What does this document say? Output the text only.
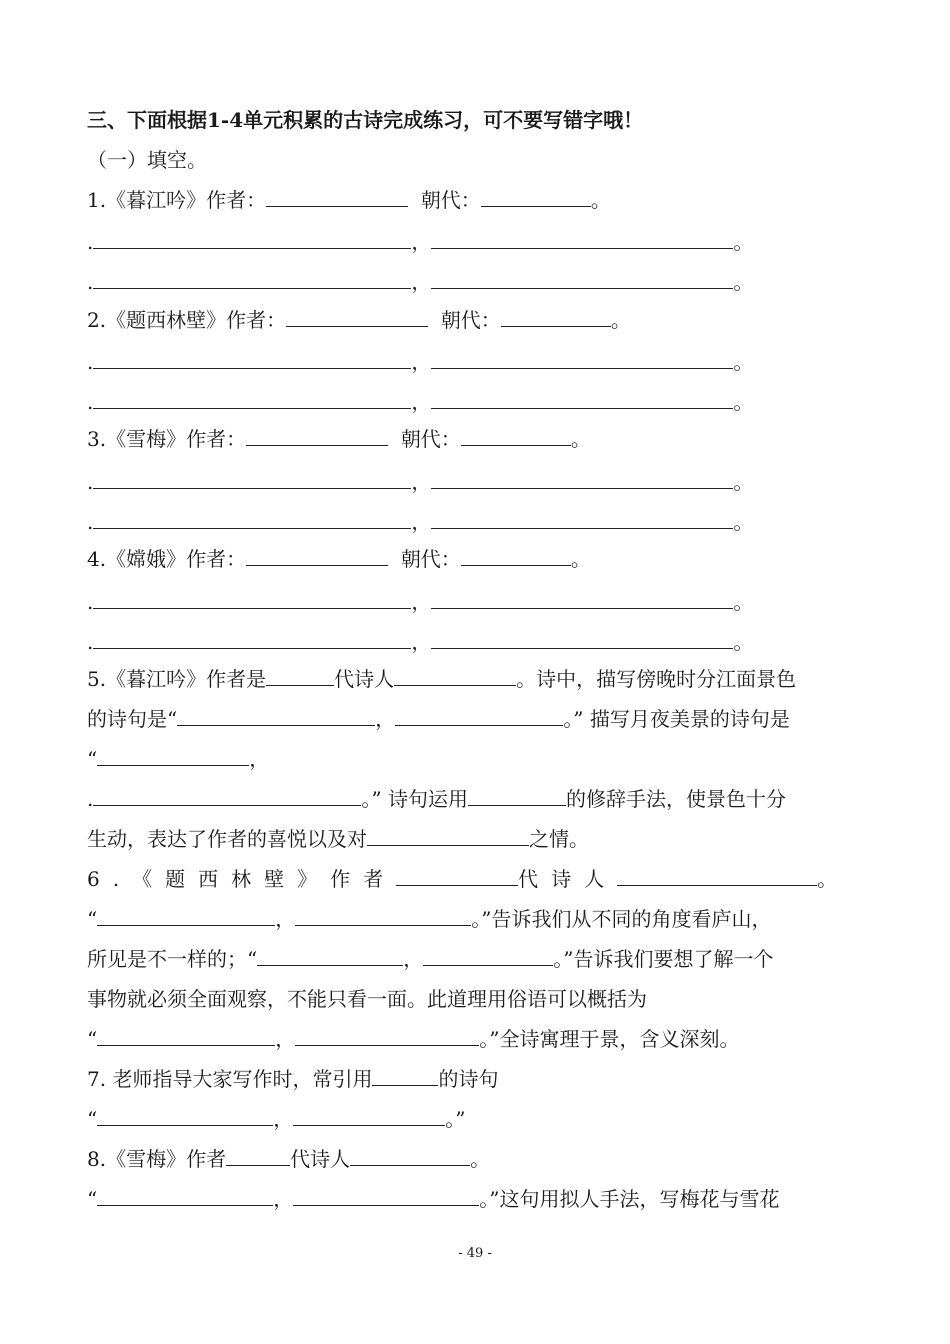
三、下面根据1-4单元积累的古诗完成练习，可不要写错字哦！
（一）填空。
1.《暮江吟》作者：	朝代：	。
.	，	。
.	，	。
2.《题西林壁》作者：	朝代：	。
.	，	。
.	，	。
3.《雪梅》作者：	朝代：	。
.	，	。
.	，	。
4.《嫦娥》作者：	朝代：	。
.	，	。
.	，	。
5.《暮江吟》作者是	代诗人	。诗中，描写傍晚时分江面景色
的诗句是“	，	。” 描写月夜美景的诗句是
“	，
.	。” 诗句运用	的修辞手法，使景色十分
生动，表达了作者的喜悦以及对	之情。
6.《题西林壁》作者	代诗人	。
“	，	。”告诉我们从不同的角度看庐山，
所见是不一样的；“	，	。”告诉我们要想了解一个
事物就必须全面观察，不能只看一面。此道理用俗语可以概括为
“	，	。”全诗寓理于景，含义深刻。
7. 老师指导大家写作时，常引用	的诗句
“	，	。”
8.《雪梅》作者	代诗人	。
“	，	。”这句用拟人手法，写梅花与雪花
- 49 -
